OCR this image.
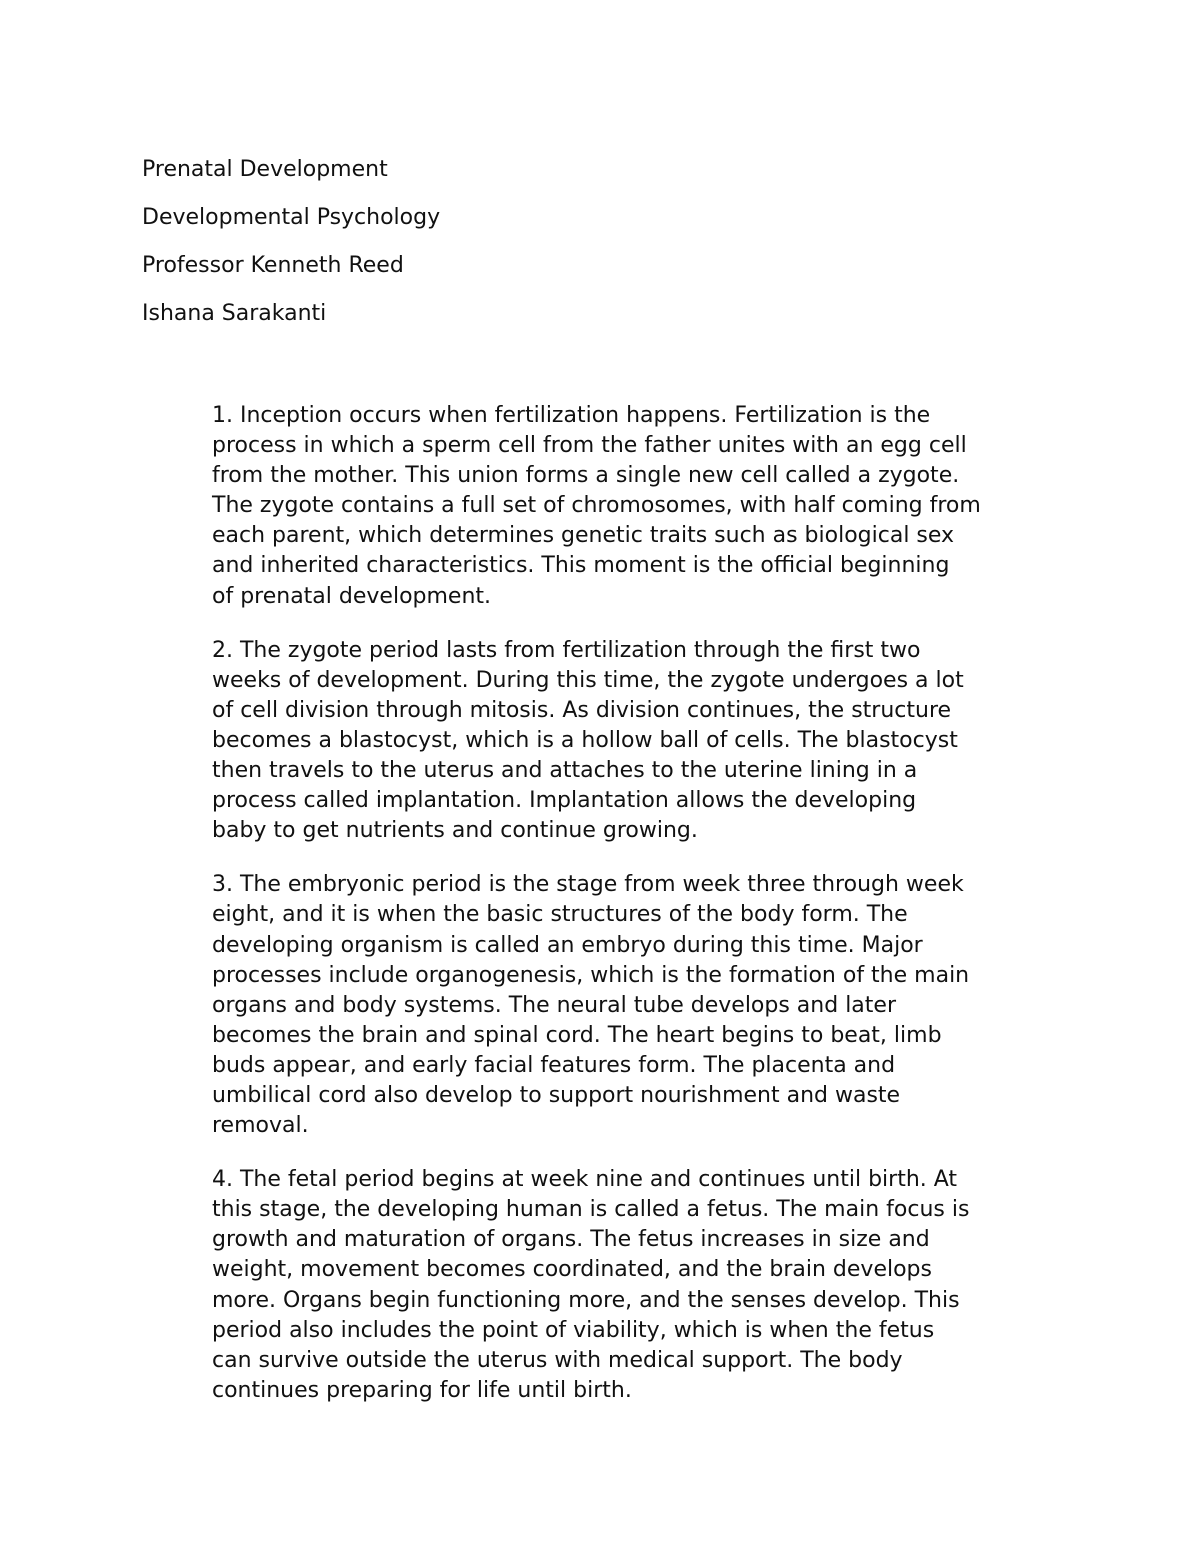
Prenatal Development
Developmental Psychology
Professor Kenneth Reed
Ishana Sarakanti
1. Inception occurs when fertilization happens. Fertilization is the
process in which a sperm cell from the father unites with an egg cell
from the mother. This union forms a single new cell called a zygote.
The zygote contains a full set of chromosomes, with half coming from
each parent, which determines genetic traits such as biological sex
and inherited characteristics. This moment is the official beginning
of prenatal development.
2. The zygote period lasts from fertilization through the first two
weeks of development. During this time, the zygote undergoes a lot
of cell division through mitosis. As division continues, the structure
becomes a blastocyst, which is a hollow ball of cells. The blastocyst
then travels to the uterus and attaches to the uterine lining in a
process called implantation. Implantation allows the developing
baby to get nutrients and continue growing.
3. The embryonic period is the stage from week three through week
eight, and it is when the basic structures of the body form. The
developing organism is called an embryo during this time. Major
processes include organogenesis, which is the formation of the main
organs and body systems. The neural tube develops and later
becomes the brain and spinal cord. The heart begins to beat, limb
buds appear, and early facial features form. The placenta and
umbilical cord also develop to support nourishment and waste
removal.
4. The fetal period begins at week nine and continues until birth. At
this stage, the developing human is called a fetus. The main focus is
growth and maturation of organs. The fetus increases in size and
weight, movement becomes coordinated, and the brain develops
more. Organs begin functioning more, and the senses develop. This
period also includes the point of viability, which is when the fetus
can survive outside the uterus with medical support. The body
continues preparing for life until birth.
